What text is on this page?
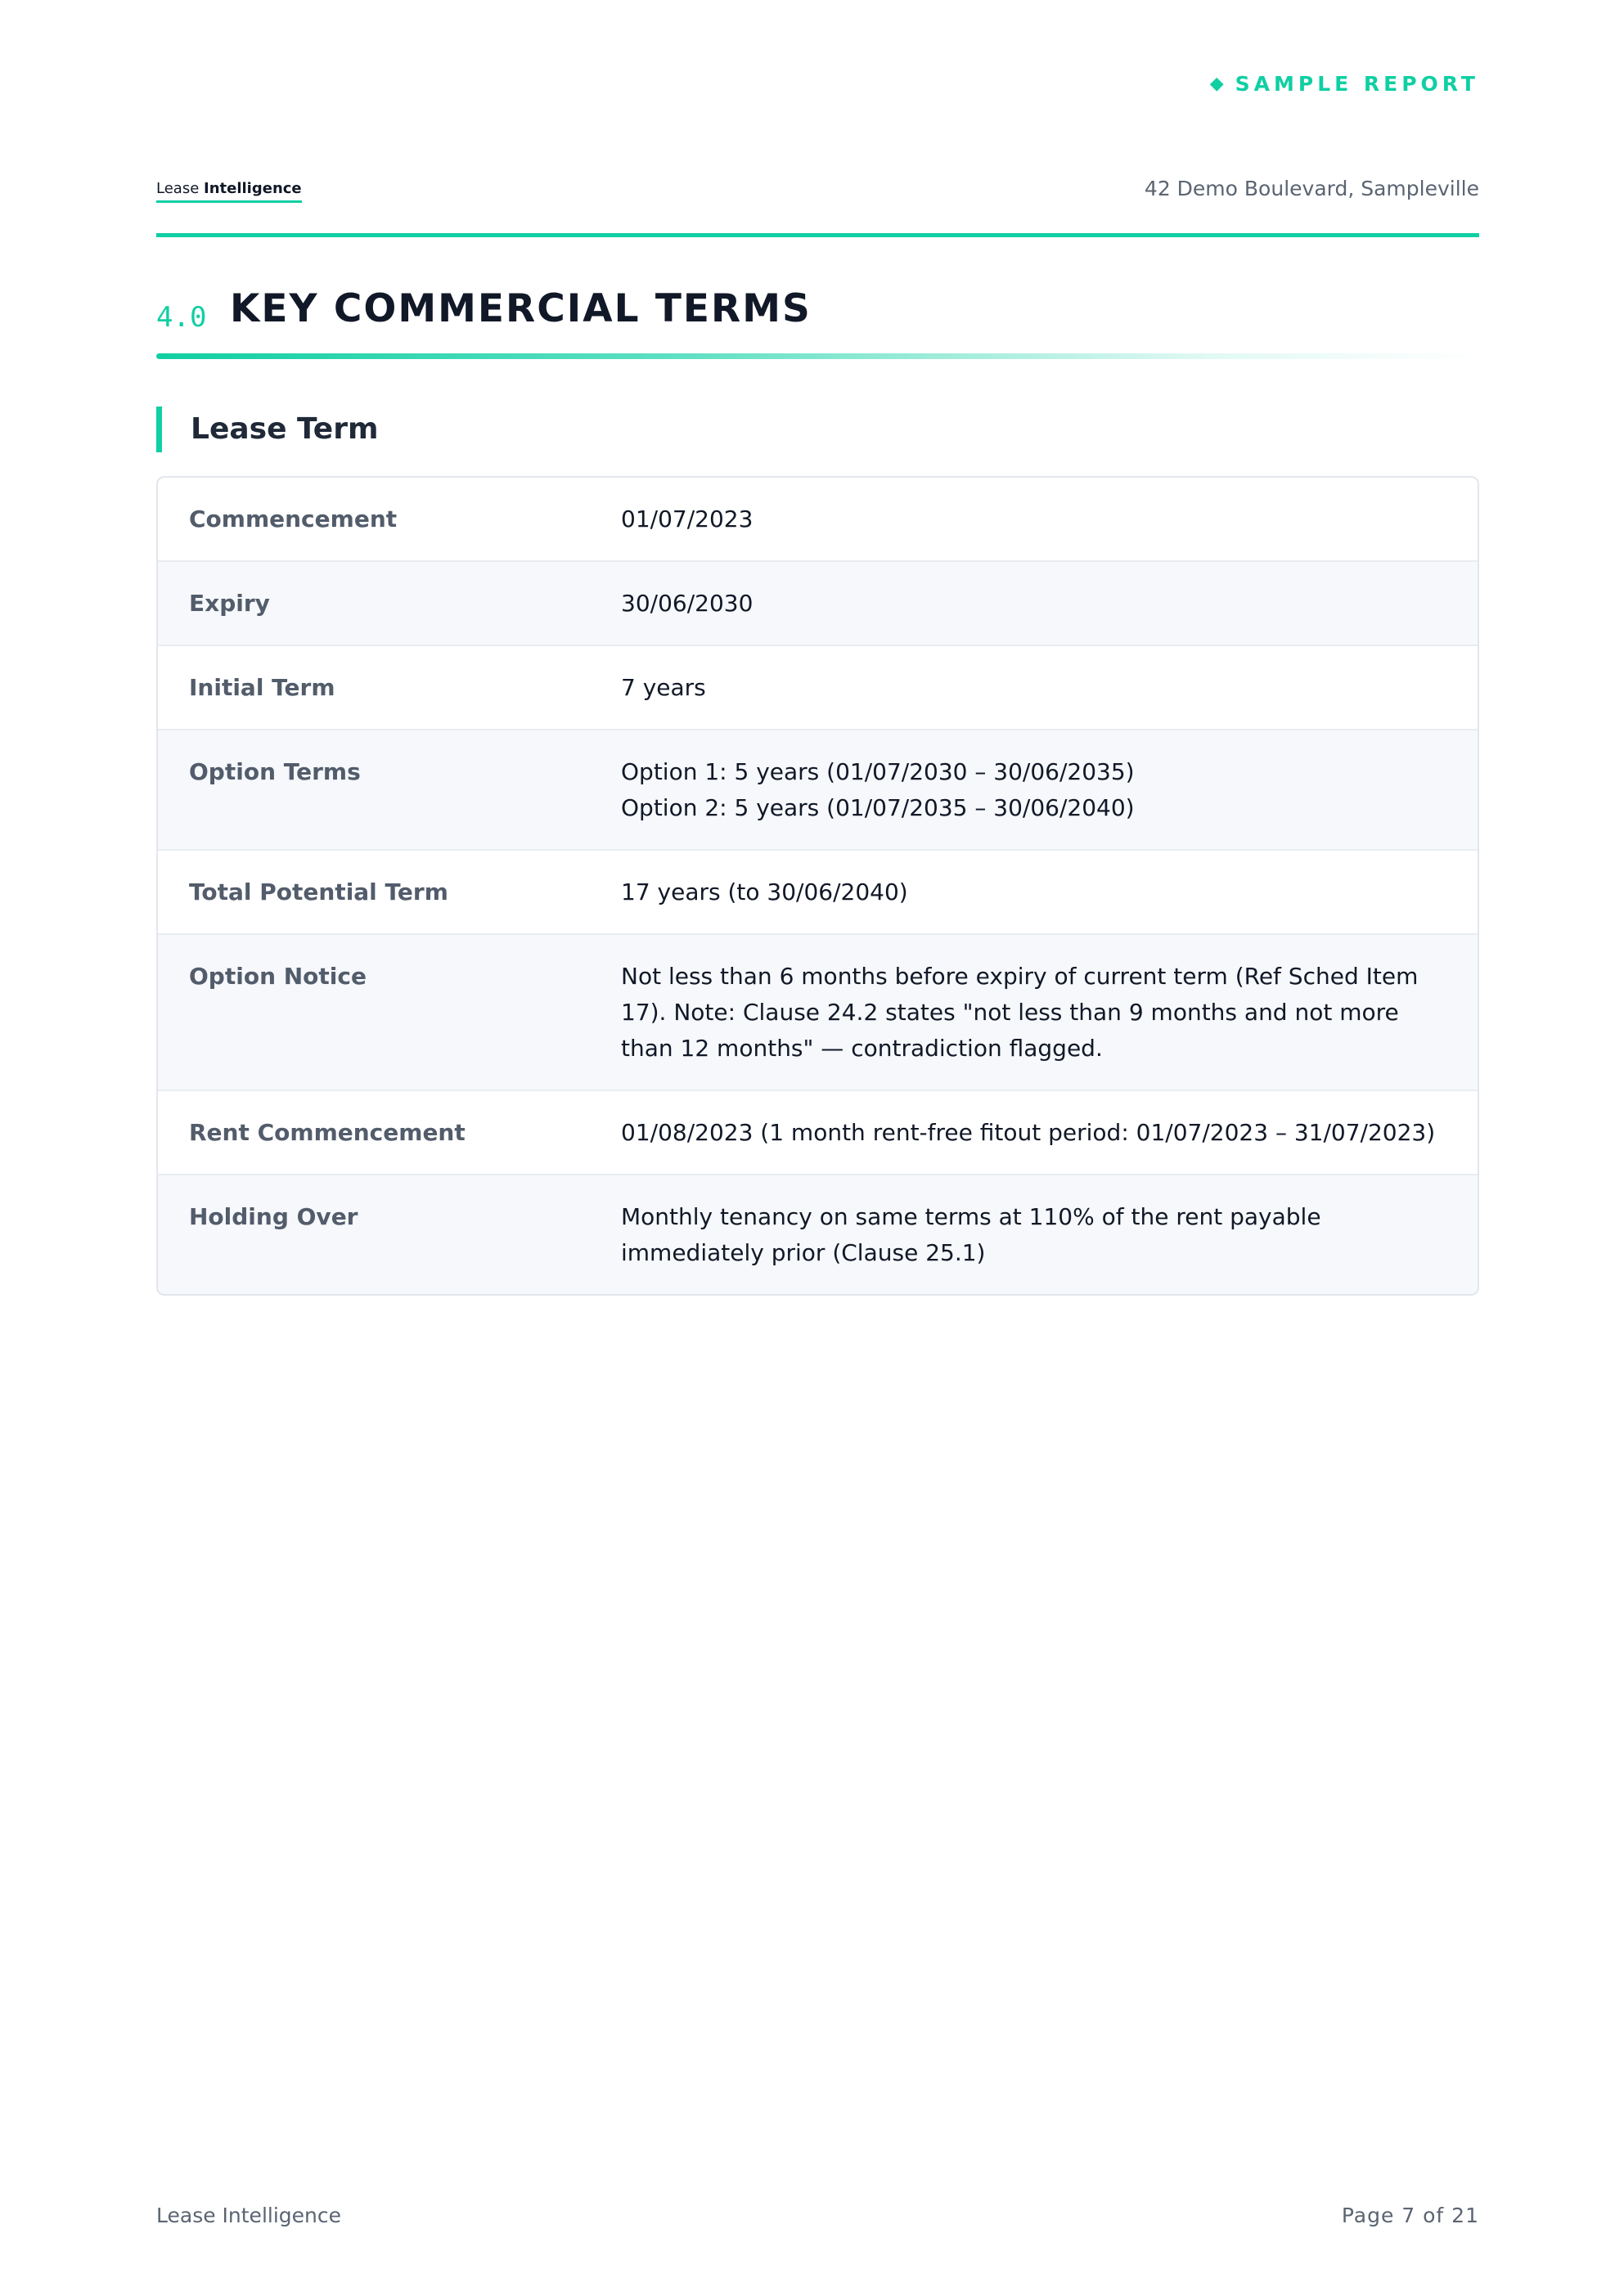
◆ SAMPLE REPORT
Lease Intelligence	42 Demo Boulevard, Sampleville
4.0 KEY COMMERCIAL TERMS
Lease Term
Commencement	01/07/2023
Expiry	30/06/2030
Initial Term	7 years
Option Terms	Option 1: 5 years (01/07/2030 – 30/06/2035)
Option 2: 5 years (01/07/2035 – 30/06/2040)
Total Potential Term	17 years (to 30/06/2040)
Option Notice	Not less than 6 months before expiry of current term (Ref Sched Item 17). Note: Clause 24.2 states "not less than 9 months and not more than 12 months" — contradiction flagged.
Rent Commencement	01/08/2023 (1 month rent-free fitout period: 01/07/2023 – 31/07/2023)
Holding Over	Monthly tenancy on same terms at 110% of the rent payable immediately prior (Clause 25.1)
Lease Intelligence	Page 7 of 21
